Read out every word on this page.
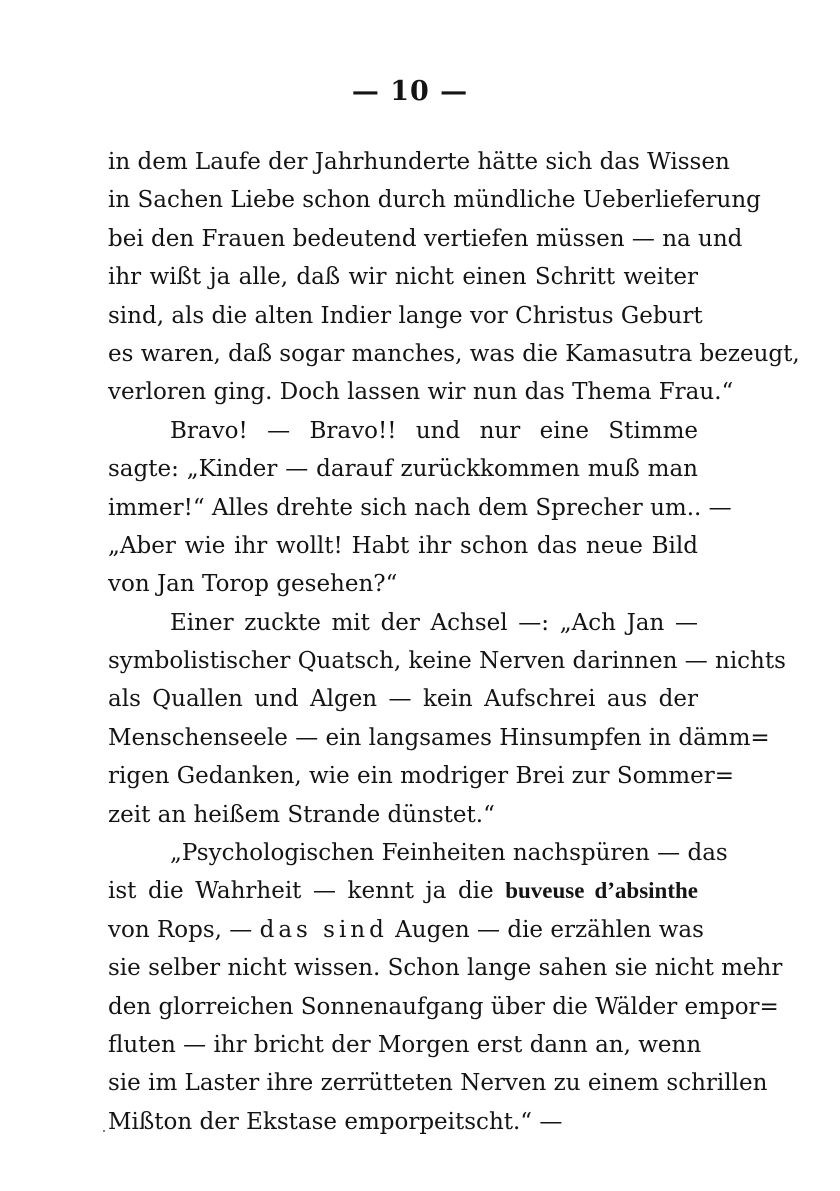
— 10 —
in dem Laufe der Jahrhunderte hätte sich das Wissen
in Sachen Liebe schon durch mündliche Ueberlieferung
bei den Frauen bedeutend vertiefen müssen — na und
ihr wißt ja alle, daß wir nicht einen Schritt weiter
sind, als die alten Indier lange vor Christus Geburt
es waren, daß sogar manches, was die Kamasutra bezeugt,
verloren ging. Doch lassen wir nun das Thema Frau.“
Bravo! — Bravo!! und nur eine Stimme
sagte: „Kinder — darauf zurückkommen muß man
immer!“ Alles drehte sich nach dem Sprecher um.. —
„Aber wie ihr wollt! Habt ihr schon das neue Bild
von Jan Torop gesehen?“
Einer zuckte mit der Achsel —: „Ach Jan —
symbolistischer Quatsch, keine Nerven darinnen — nichts
als Quallen und Algen — kein Aufschrei aus der
Menschenseele — ein langsames Hinsumpfen in dämm=
rigen Gedanken, wie ein modriger Brei zur Sommer=
zeit an heißem Strande dünstet.“
„Psychologischen Feinheiten nachspüren — das
ist die Wahrheit — kennt ja die buveuse d’absinthe
von Rops, — das sind Augen — die erzählen was
sie selber nicht wissen. Schon lange sahen sie nicht mehr
den glorreichen Sonnenaufgang über die Wälder empor=
fluten — ihr bricht der Morgen erst dann an, wenn
sie im Laster ihre zerrütteten Nerven zu einem schrillen
Mißton der Ekstase emporpeitscht.“ —
